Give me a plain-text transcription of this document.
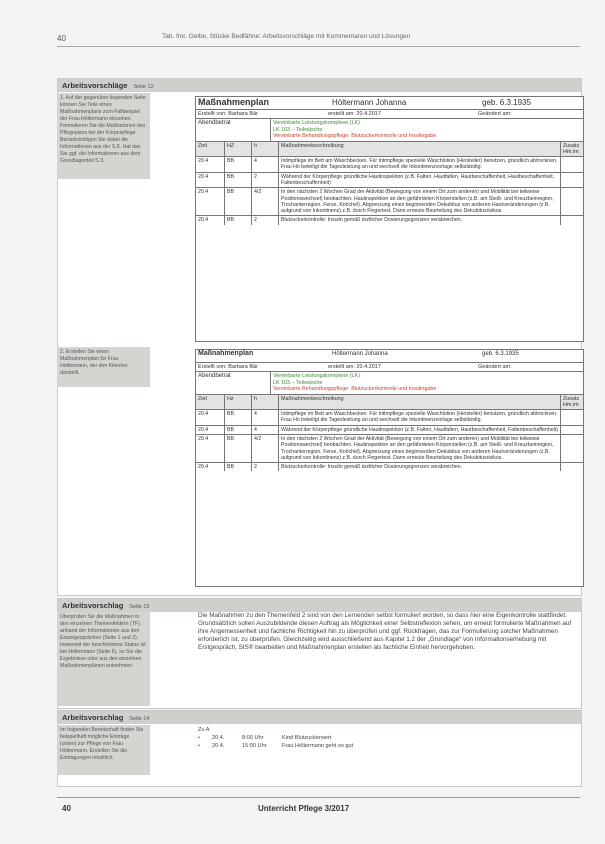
40	Tab. fmr. Gelbe, Stücke Bedfähne: Arbeitsvorschläge mit Kommentaren und Lösungen
Arbeitsvorschläge Seite 12
1. Auf der gegenüber liegenden Seite können Sie Teile eines Maßnahmenplans zum Fallbeispiel der Frau Höltermann einsehen. Formulieren Sie die Maßnahmen des Pflegeplans bei der Körperpflege. Berücksichtigen Sie dabei die Informationen aus der S.6. Hat das Sie ggf. die Informationen aus dem Grundlagenteil S.3.
2. Erstellen Sie einen Maßnahmenplan für Frau Höltermann, der den Klienten darstellt.
Maßnahmenplan	Höltermann Johanna	geb. 6.3.1935
Erstellt von: Barbara Bär	erstellt am: 20.4.2017	Geändert am:
Abendbetrat	Vereinbarte Leistungskomplexe (LK)
LK 103 – Teilwäsche
Vereinbarte Behandlungspflege: Blutzuckerkontrolle und Insulingabe
Zeit	HZ	h	Maßnahmenbeschreibung	Zusatz Hm.im
20.4	BB	4	Intimpflege im Bett am Waschbecken. Für Intimpflege spezielle Waschlotion (Hersteller) benutzen, gründlich abtrocknen. Frau Ho beteiligt die Tagesleistung an und wechselt die Inkontinenzvorlage selbständig.	
20.4	BB	2	Während der Körperpflege gründliche Hautinspektion (z.B. Falten, Hautfalten, Hautbeschaffenheit, Hautbeschaffenheit, Faltenbeschaffenheit)	
20.4	BB	4/2	In den nächsten 2 Wochen Grad der Aktivität (Bewegung von einem Ort zum anderen) und Mobilität bei teilweise Positionswechsel) beobachten. Hautinspektion an den gefährdeten Körperstellen (z.B. am Steiß- und Kreuzbeinregion, Trochanterregion, Ferse, Knöchel). Abgrenzung eines beginnenden Dekubitus von anderen Hautveränderungen (z.B. aufgrund von Inkontinenz) z.B. durch Fingertest. Dann erneute Beurteilung des Dekubitusrisikos.	
20.4	BB	2	Blutzuckerkontrolle: Insulin gemäß ärztlicher Dosierungsgrenzen verabreichen.	
Maßnahmenplan	Höltermann Johanna	geb. 6.3.1935
Erstellt von: Barbara Bär	erstellt am: 20.4.2017	Geändert am:
Abendbetrat	Vereinbarte Leistungskomplexe (LK)
LK 103 – Teilwäsche
Vereinbarte Behandlungspflege: Blutzuckerkontrolle und Insulingabe
Zeit	Hz	h	Maßnahmenbeschreibung	Zusatz Hm.im
20.4	BB	4	Intimpflege im Bett am Waschbecken. Für Intimpflege spezielle Waschlotion (Hersteller) benutzen, gründlich abtrocknen. Frau Ho beteiligt die Tagesleistung an und wechselt die Inkontinenzvorlage selbständig.	
20.4	BB	4	Während der Körperpflege gründliche Hautinspektion (z.B. Falten, Hautfalten, Hautbeschaffenheit, Faltenbeschaffenheit)	
20.4	BB	4/2	In den nächsten 2 Wochen Grad der Aktivität (Bewegung von einem Ort zum anderen) und Mobilität bei teilweise Positionswechsel) beobachten. Hautinspektion an den gefährdeten Körperstellen (z.B. am Steiß- und Kreuzbeinregion, Trochanterregion, Ferse, Knöchel). Abgrenzung eines beginnenden Dekubitus von anderen Hautveränderungen (z.B. aufgrund von Inkontinenz) z.B. durch Fingertest. Dann erneute Beurteilung des Dekubitusrisikos.	
20.4	BB	2	Blutzuckerkontrolle: Insulin gemäß ärztlicher Dosierungsgrenzen verabreichen.	
Arbeitsvorschlag Seite 13
Überprüfen Sie die Maßnahmen in den einzelnen Themenfeldern (TF), anhand der Informationen aus den Einzelgesprächen (Seite 1 und 2). Inwieweit der beschriebene Status ist bei Höltermann (Seite 6), so Sie die Ergebnisse oder aus den einzelnen Maßnahmenplänen entnehmen.
Die Maßnahmen zu den Themenfeld 2 sind von den Lernenden selbst formuliert worden, so dass hier eine Eigenkontrolle stattfindet. Grundsätzlich sollen Auszubildende diesen Auftrag als Möglichkeit einer Selbstreflexion sehen, um erneut formulierte Maßnahmen auf ihre Angemessenheit und fachliche Richtigkeit hin zu überprüfen und ggf. Rückfragen, das zur Formulierung solcher Maßnahmen erforderlich ist, zu überprüfen. Gleichzeitig wird ausschließend aus Kapitel 1.2 der „Grundlage“ von Informationserhebung mit Erstgespräch, SIS® bearbeiten und Maßnahmenplan erstellen als fachliche Einheit hervorgehoben.
Arbeitsvorschlag Seite 14
Im folgenden Bereitschaft finden Sie beispielhaft mögliche Einträge (unten) zur Pflege von Frau Höltermann. Erstellen Sie die Eintragungen inhaltlich.
Zu A
•	20.4.	8:00 Uhr	Kind Blutzuckerwert
•	20.4.	15:00 Uhr	Frau Höltermann geht es gut
40	Unterricht Pflege 3/2017
